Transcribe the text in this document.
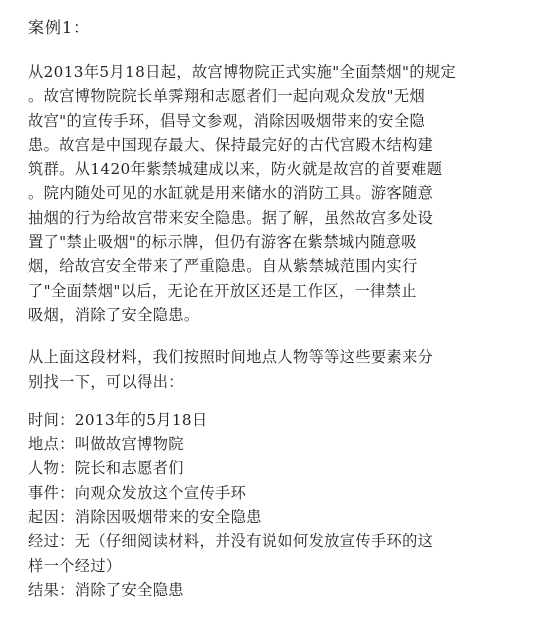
案例1：
从2013年5月18日起，故宫博物院正式实施"全面禁烟"的规定
。故宫博物院院长单霁翔和志愿者们一起向观众发放"无烟
故宫"的宣传手环，倡导文参观，消除因吸烟带来的安全隐
患。故宫是中国现存最大、保持最完好的古代宫殿木结构建
筑群。从1420年紫禁城建成以来，防火就是故宫的首要难题
。院内随处可见的水缸就是用来储水的消防工具。游客随意
抽烟的行为给故宫带来安全隐患。据了解，虽然故宫多处设
置了"禁止吸烟"的标示牌，但仍有游客在紫禁城内随意吸
烟，给故宫安全带来了严重隐患。自从紫禁城范围内实行
了"全面禁烟"以后，无论在开放区还是工作区，一律禁止
吸烟，消除了安全隐患。
从上面这段材料，我们按照时间地点人物等等这些要素来分
别找一下，可以得出：
时间：2013年的5月18日
地点：叫做故宫博物院
人物：院长和志愿者们
事件：向观众发放这个宣传手环
起因：消除因吸烟带来的安全隐患
经过：无（仔细阅读材料，并没有说如何发放宣传手环的这
样一个经过）
结果：消除了安全隐患
